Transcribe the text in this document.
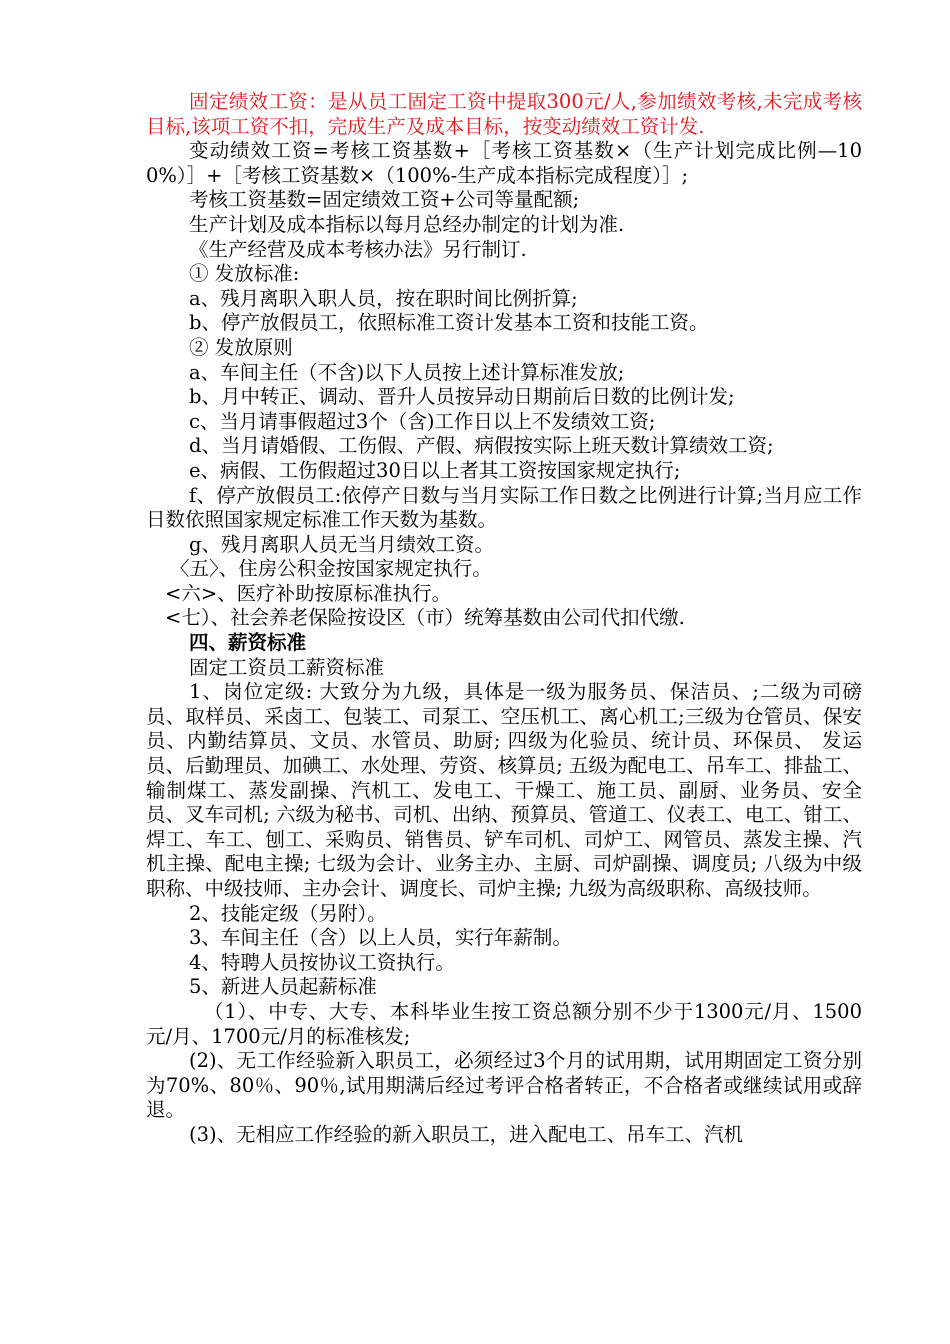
固定绩效工资：是从员工固定工资中提取300元/人,参加绩效考核,未完成考核目标,该项工资不扣，完成生产及成本目标，按变动绩效工资计发.

变动绩效工资=考核工资基数+［考核工资基数×（生产计划完成比例—100%）］+［考核工资基数×（100%-生产成本指标完成程度）］;

考核工资基数=固定绩效工资+公司等量配额;

生产计划及成本指标以每月总经办制定的计划为准.

《生产经营及成本考核办法》另行制订.

① 发放标准:

a、残月离职入职人员，按在职时间比例折算;

b、停产放假员工，依照标准工资计发基本工资和技能工资。

② 发放原则

a、车间主任（不含)以下人员按上述计算标准发放;

b、月中转正、调动、晋升人员按异动日期前后日数的比例计发;

c、当月请事假超过3个（含)工作日以上不发绩效工资;

d、当月请婚假、工伤假、产假、病假按实际上班天数计算绩效工资;

e、病假、工伤假超过30日以上者其工资按国家规定执行;

f、停产放假员工:依停产日数与当月实际工作日数之比例进行计算;当月应工作日数依照国家规定标准工作天数为基数。

g、残月离职人员无当月绩效工资。

〈五〉、住房公积金按国家规定执行。

<六>、医疗补助按原标准执行。

<七）、社会养老保险按设区（市）统筹基数由公司代扣代缴.

四、薪资标准

固定工资员工薪资标准

1、岗位定级: 大致分为九级，具体是一级为服务员、保洁员、;二级为司磅员、取样员、采卤工、包装工、司泵工、空压机工、离心机工;三级为仓管员、保安员、内勤结算员、文员、水管员、助厨; 四级为化验员、统计员、环保员、 发运员、后勤理员、加碘工、水处理、劳资、核算员; 五级为配电工、吊车工、排盐工、输制煤工、蒸发副操、汽机工、发电工、干燥工、施工员、副厨、业务员、安全员、叉车司机; 六级为秘书、司机、出纳、预算员、管道工、仪表工、电工、钳工、焊工、车工、刨工、采购员、销售员、铲车司机、司炉工、网管员、蒸发主操、汽机主操、配电主操; 七级为会计、业务主办、主厨、司炉副操、调度员; 八级为中级职称、中级技师、主办会计、调度长、司炉主操; 九级为高级职称、高级技师。

2、技能定级（另附）。

3、车间主任（含）以上人员，实行年薪制。

4、特聘人员按协议工资执行。

5、新进人员起薪标准

（1）、中专、大专、本科毕业生按工资总额分别不少于1300元/月、1500元/月、1700元/月的标准核发;

(2)、无工作经验新入职员工，必须经过3个月的试用期，试用期固定工资分别为70%、80％、90％,试用期满后经过考评合格者转正，不合格者或继续试用或辞退。

(3)、无相应工作经验的新入职员工，进入配电工、吊车工、汽机
